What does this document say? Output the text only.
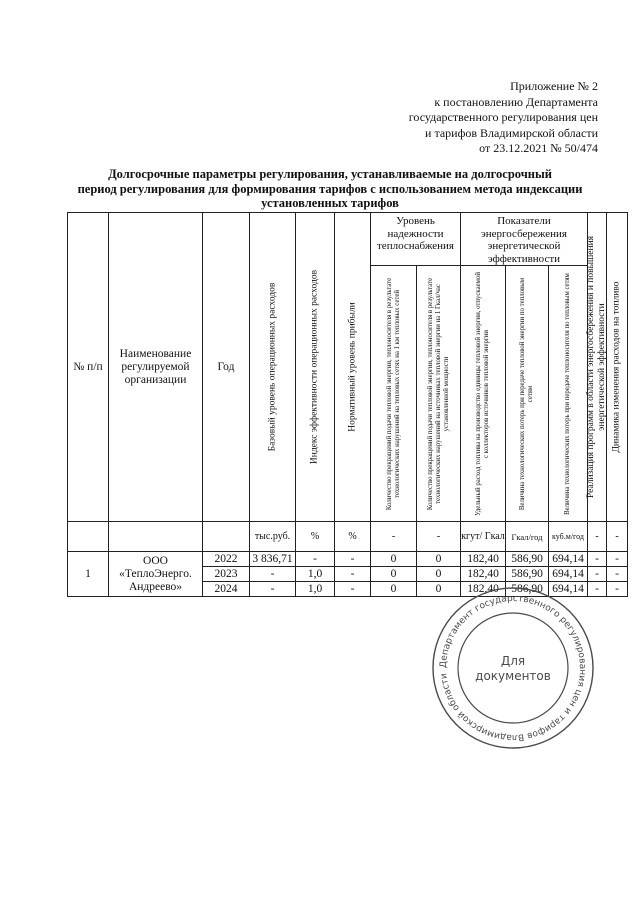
Приложение № 2
к постановлению Департамента
государственного регулирования цен
и тарифов Владимирской области
от 23.12.2021 № 50/474
Долгосрочные параметры регулирования, устанавливаемые на долгосрочный
период регулирования для формирования тарифов с использованием метода индексации
установленных тарифов
№ п/п	Наименование регулируемой организации	Год	Базовый уровень операционных расходов	Индекс эффективности операционных расходов	Нормативный уровень прибыли	Уровень надежности теплоснабжения		Показатели энергосбережения энергетической эффективности			Реализация программ в области энергосбережения и повышения энергетической эффективности	Динамика изменения расходов на топливо

						Количество прекращений подачи тепловой энергии, теплоносителя в результате технологических нарушений на тепловых сетях на 1 км тепловых сетей	Количество прекращений подачи тепловой энергии, теплоносителя в результате технологических нарушений на источниках тепловой энергии на 1 Гкал/час установленной мощности	Удельный расход топлива на производство единицы тепловой энергии, отпускаемой с коллекторов источников тепловой энергии	Величина технологических потерь при передаче тепловой энергии по тепловым сетям	Величина технологических потерь при передаче теплоносителя по тепловым сетям		

			тыс.руб.	%	%	-	-	кгут/ Гкал	Гкал/год	куб.м/год	-	-
1	ООО «ТеплоЭнерго. Андреево»	2022	3 836,71	-	-	0	0	182,40	586,90	694,14	-	-
		2023	-	1,0	-	0	0	182,40	586,90	694,14	-	-
		2024	-	1,0	-	0	0	182,40	586,90	694,14	-	-
Департамент государственного регулирования цен и тарифов Владимирской области
Для
документов
